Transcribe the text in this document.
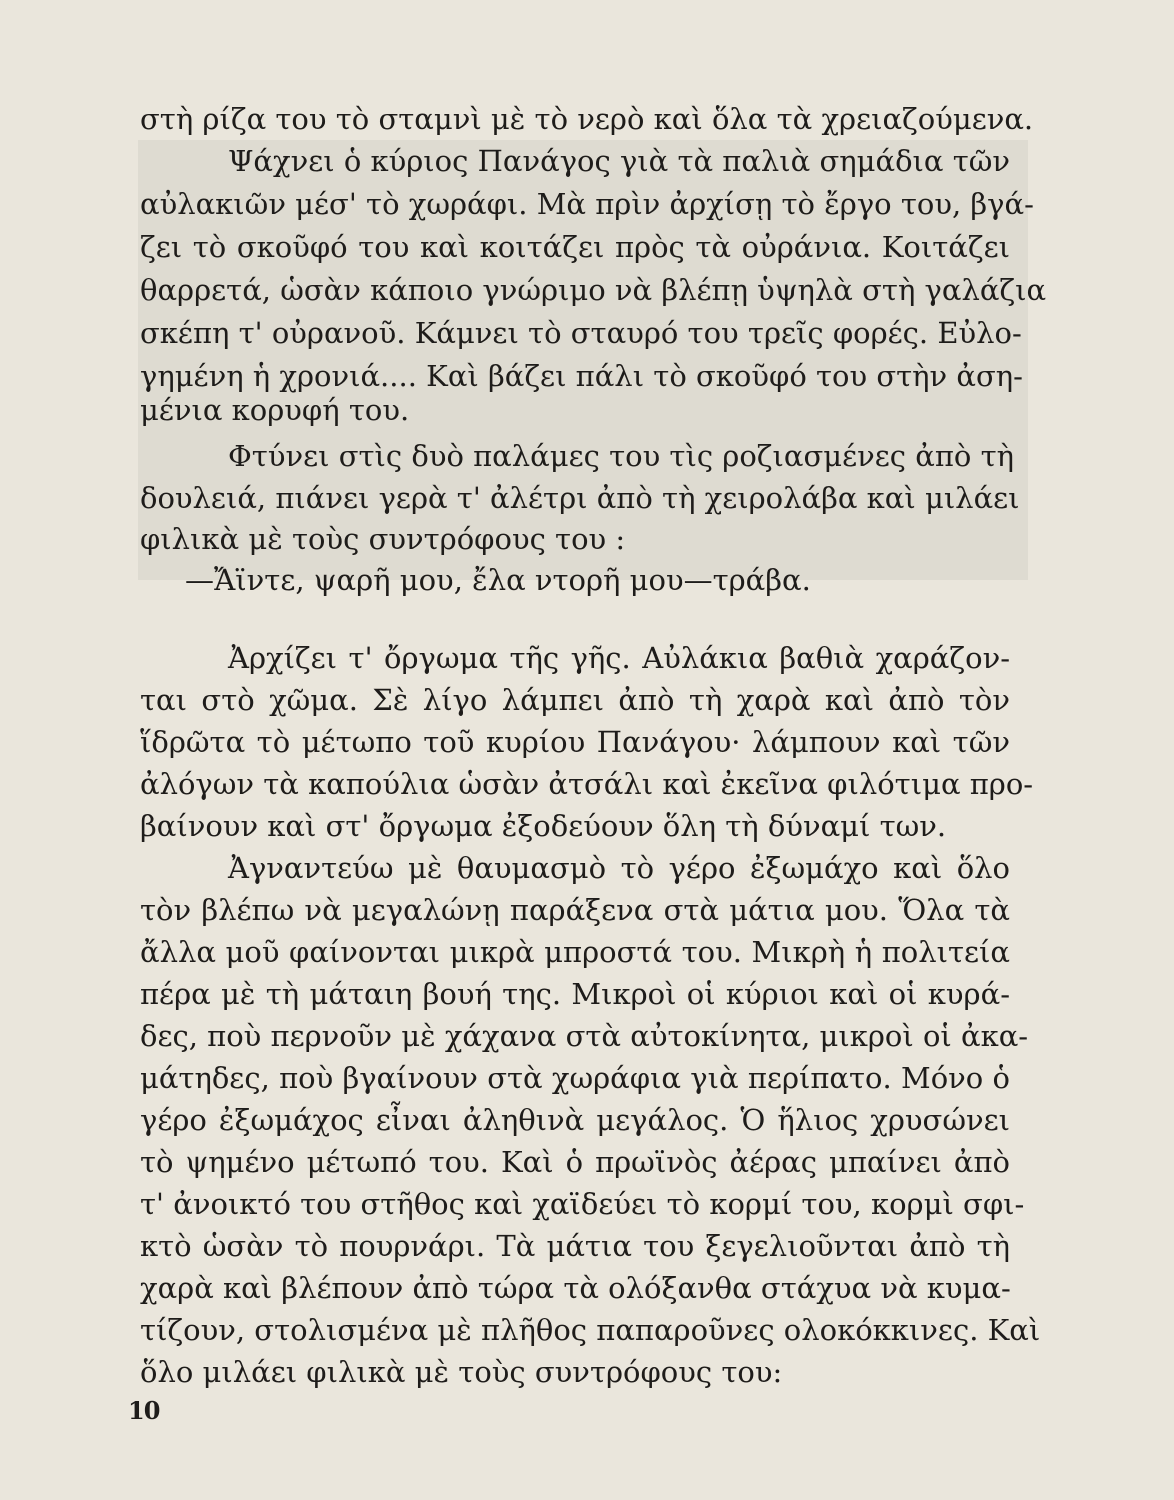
στὴ ρίζα του τὸ σταμνὶ μὲ τὸ νερὸ καὶ ὅλα τὰ χρειαζούμενα.
Ψάχνει ὁ κύριος Πανάγος γιὰ τὰ παλιὰ σημάδια τῶν
αὐλακιῶν μέσ' τὸ χωράφι. Μὰ πρὶν ἀρχίσῃ τὸ ἔργο του, βγά-
ζει τὸ σκοῦφό του καὶ κοιτάζει πρὸς τὰ οὐράνια. Κοιτάζει
θαρρετά, ὡσὰν κάποιο γνώριμο νὰ βλέπῃ ὑψηλὰ στὴ γαλάζια
σκέπη τ' οὐρανοῦ. Κάμνει τὸ σταυρό του τρεῖς φορές. Εὐλο-
γημένη ἡ χρονιά.... Καὶ βάζει πάλι τὸ σκοῦφό του στὴν ἀση-
μένια κορυφή του.
Φτύνει στὶς δυὸ παλάμες του τὶς ροζιασμένες ἀπὸ τὴ
δουλειά, πιάνει γερὰ τ' ἀλέτρι ἀπὸ τὴ χειρολάβα καὶ μιλάει
φιλικὰ μὲ τοὺς συντρόφους του :
—Ἄϊντε, ψαρῆ μου, ἔλα ντορῆ μου—τράβα.
Ἀρχίζει τ' ὄργωμα τῆς γῆς. Αὐλάκια βαθιὰ χαράζον-
ται στὸ χῶμα. Σὲ λίγο λάμπει ἀπὸ τὴ χαρὰ καὶ ἀπὸ τὸν
ἵδρῶτα τὸ μέτωπο τοῦ κυρίου Πανάγου· λάμπουν καὶ τῶν
ἀλόγων τὰ καπούλια ὡσὰν ἀτσάλι καὶ ἐκεῖνα φιλότιμα προ-
βαίνουν καὶ στ' ὄργωμα ἐξοδεύουν ὅλη τὴ δύναμί των.
Ἀγναντεύω μὲ θαυμασμὸ τὸ γέρο ἐξωμάχο καὶ ὅλο
τὸν βλέπω νὰ μεγαλώνῃ παράξενα στὰ μάτια μου. Ὅλα τὰ
ἄλλα μοῦ φαίνονται μικρὰ μπροστά του. Μικρὴ ἡ πολιτεία
πέρα μὲ τὴ μάταιη βουή της. Μικροὶ οἱ κύριοι καὶ οἱ κυρά-
δες, ποὺ περνοῦν μὲ χάχανα στὰ αὐτοκίνητα, μικροὶ οἱ ἀκα-
μάτηδες, ποὺ βγαίνουν στὰ χωράφια γιὰ περίπατο. Μόνο ὁ
γέρο ἐξωμάχος εἶναι ἀληθινὰ μεγάλος. Ὁ ἥλιος χρυσώνει
τὸ ψημένο μέτωπό του. Καὶ ὁ πρωϊνὸς ἀέρας μπαίνει ἀπὸ
τ' ἀνοικτό του στῆθος καὶ χαϊδεύει τὸ κορμί του, κορμὶ σφι-
κτὸ ὡσὰν τὸ πουρνάρι. Τὰ μάτια του ξεγελιοῦνται ἀπὸ τὴ
χαρὰ καὶ βλέπουν ἀπὸ τώρα τὰ ολόξανθα στάχυα νὰ κυμα-
τίζουν, στολισμένα μὲ πλῆθος παπαροῦνες ολοκόκκινες. Καὶ
ὅλο μιλάει φιλικὰ μὲ τοὺς συντρόφους του:
10
